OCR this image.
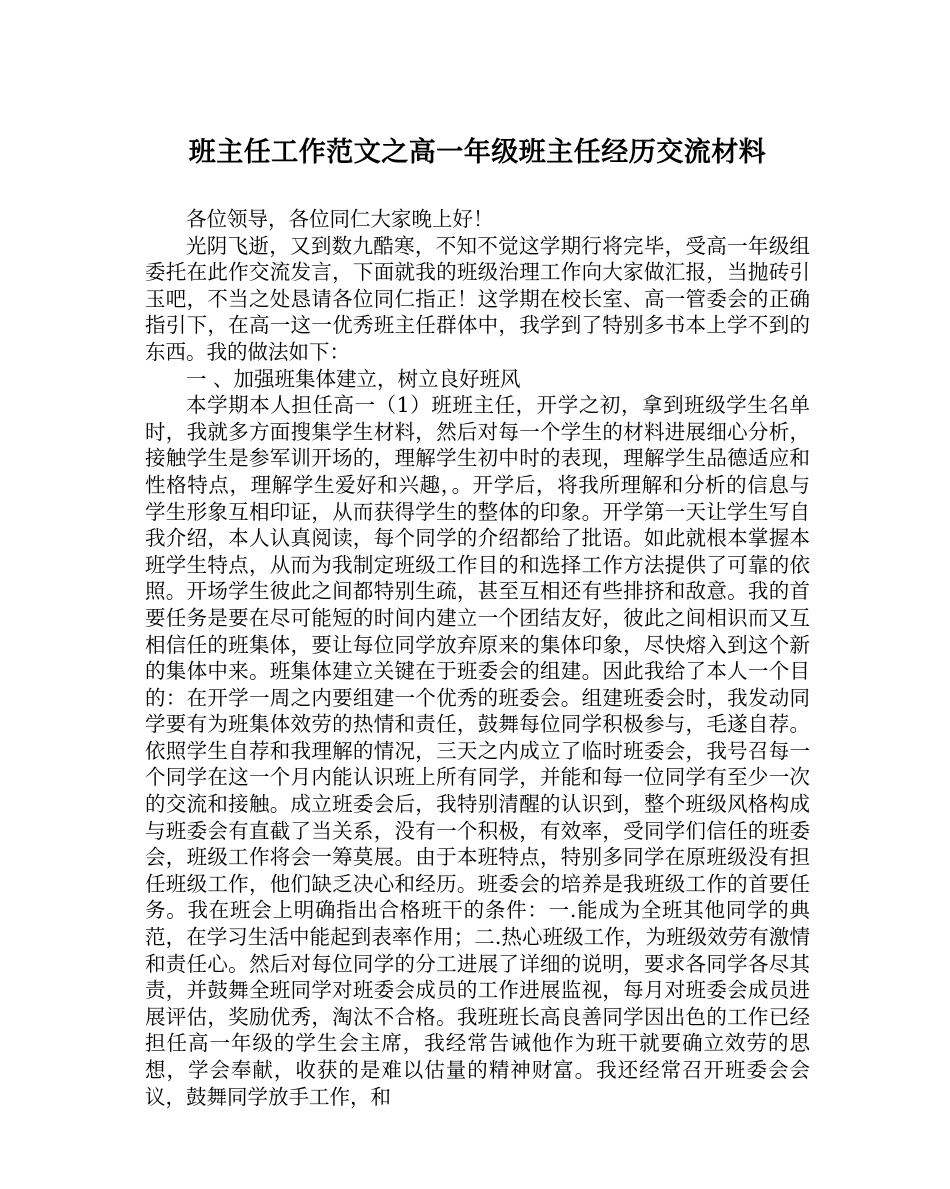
班主任工作范文之高一年级班主任经历交流材料

各位领导，各位同仁大家晚上好！

光阴飞逝，又到数九酷寒，不知不觉这学期行将完毕，受高一年级组委托在此作交流发言，下面就我的班级治理工作向大家做汇报，当抛砖引玉吧，不当之处恳请各位同仁指正！这学期在校长室、高一管委会的正确指引下，在高一这一优秀班主任群体中，我学到了特别多书本上学不到的东西。我的做法如下：

一 、加强班集体建立，树立良好班风

本学期本人担任高一（1）班班主任，开学之初，拿到班级学生名单时，我就多方面搜集学生材料，然后对每一个学生的材料进展细心分析，接触学生是参军训开场的，理解学生初中时的表现，理解学生品德适应和性格特点，理解学生爱好和兴趣，。开学后，将我所理解和分析的信息与学生形象互相印证，从而获得学生的整体的印象。开学第一天让学生写自我介绍，本人认真阅读，每个同学的介绍都给了批语。如此就根本掌握本班学生特点，从而为我制定班级工作目的和选择工作方法提供了可靠的依照。开场学生彼此之间都特别生疏，甚至互相还有些排挤和敌意。我的首要任务是要在尽可能短的时间内建立一个团结友好，彼此之间相识而又互相信任的班集体，要让每位同学放弃原来的集体印象，尽快熔入到这个新的集体中来。班集体建立关键在于班委会的组建。因此我给了本人一个目的：在开学一周之内要组建一个优秀的班委会。组建班委会时，我发动同学要有为班集体效劳的热情和责任，鼓舞每位同学积极参与，毛遂自荐。依照学生自荐和我理解的情况，三天之内成立了临时班委会，我号召每一个同学在这一个月内能认识班上所有同学，并能和每一位同学有至少一次的交流和接触。成立班委会后，我特别清醒的认识到，整个班级风格构成与班委会有直截了当关系，没有一个积极，有效率，受同学们信任的班委会，班级工作将会一筹莫展。由于本班特点，特别多同学在原班级没有担任班级工作，他们缺乏决心和经历。班委会的培养是我班级工作的首要任务。我在班会上明确指出合格班干的条件：一.能成为全班其他同学的典范，在学习生活中能起到表率作用；二.热心班级工作，为班级效劳有激情和责任心。然后对每位同学的分工进展了详细的说明，要求各同学各尽其责，并鼓舞全班同学对班委会成员的工作进展监视，每月对班委会成员进展评估，奖励优秀，淘汰不合格。我班班长高良善同学因出色的工作已经担任高一年级的学生会主席，我经常告诫他作为班干就要确立效劳的思想，学会奉献，收获的是难以估量的精神财富。我还经常召开班委会会议，鼓舞同学放手工作，和
